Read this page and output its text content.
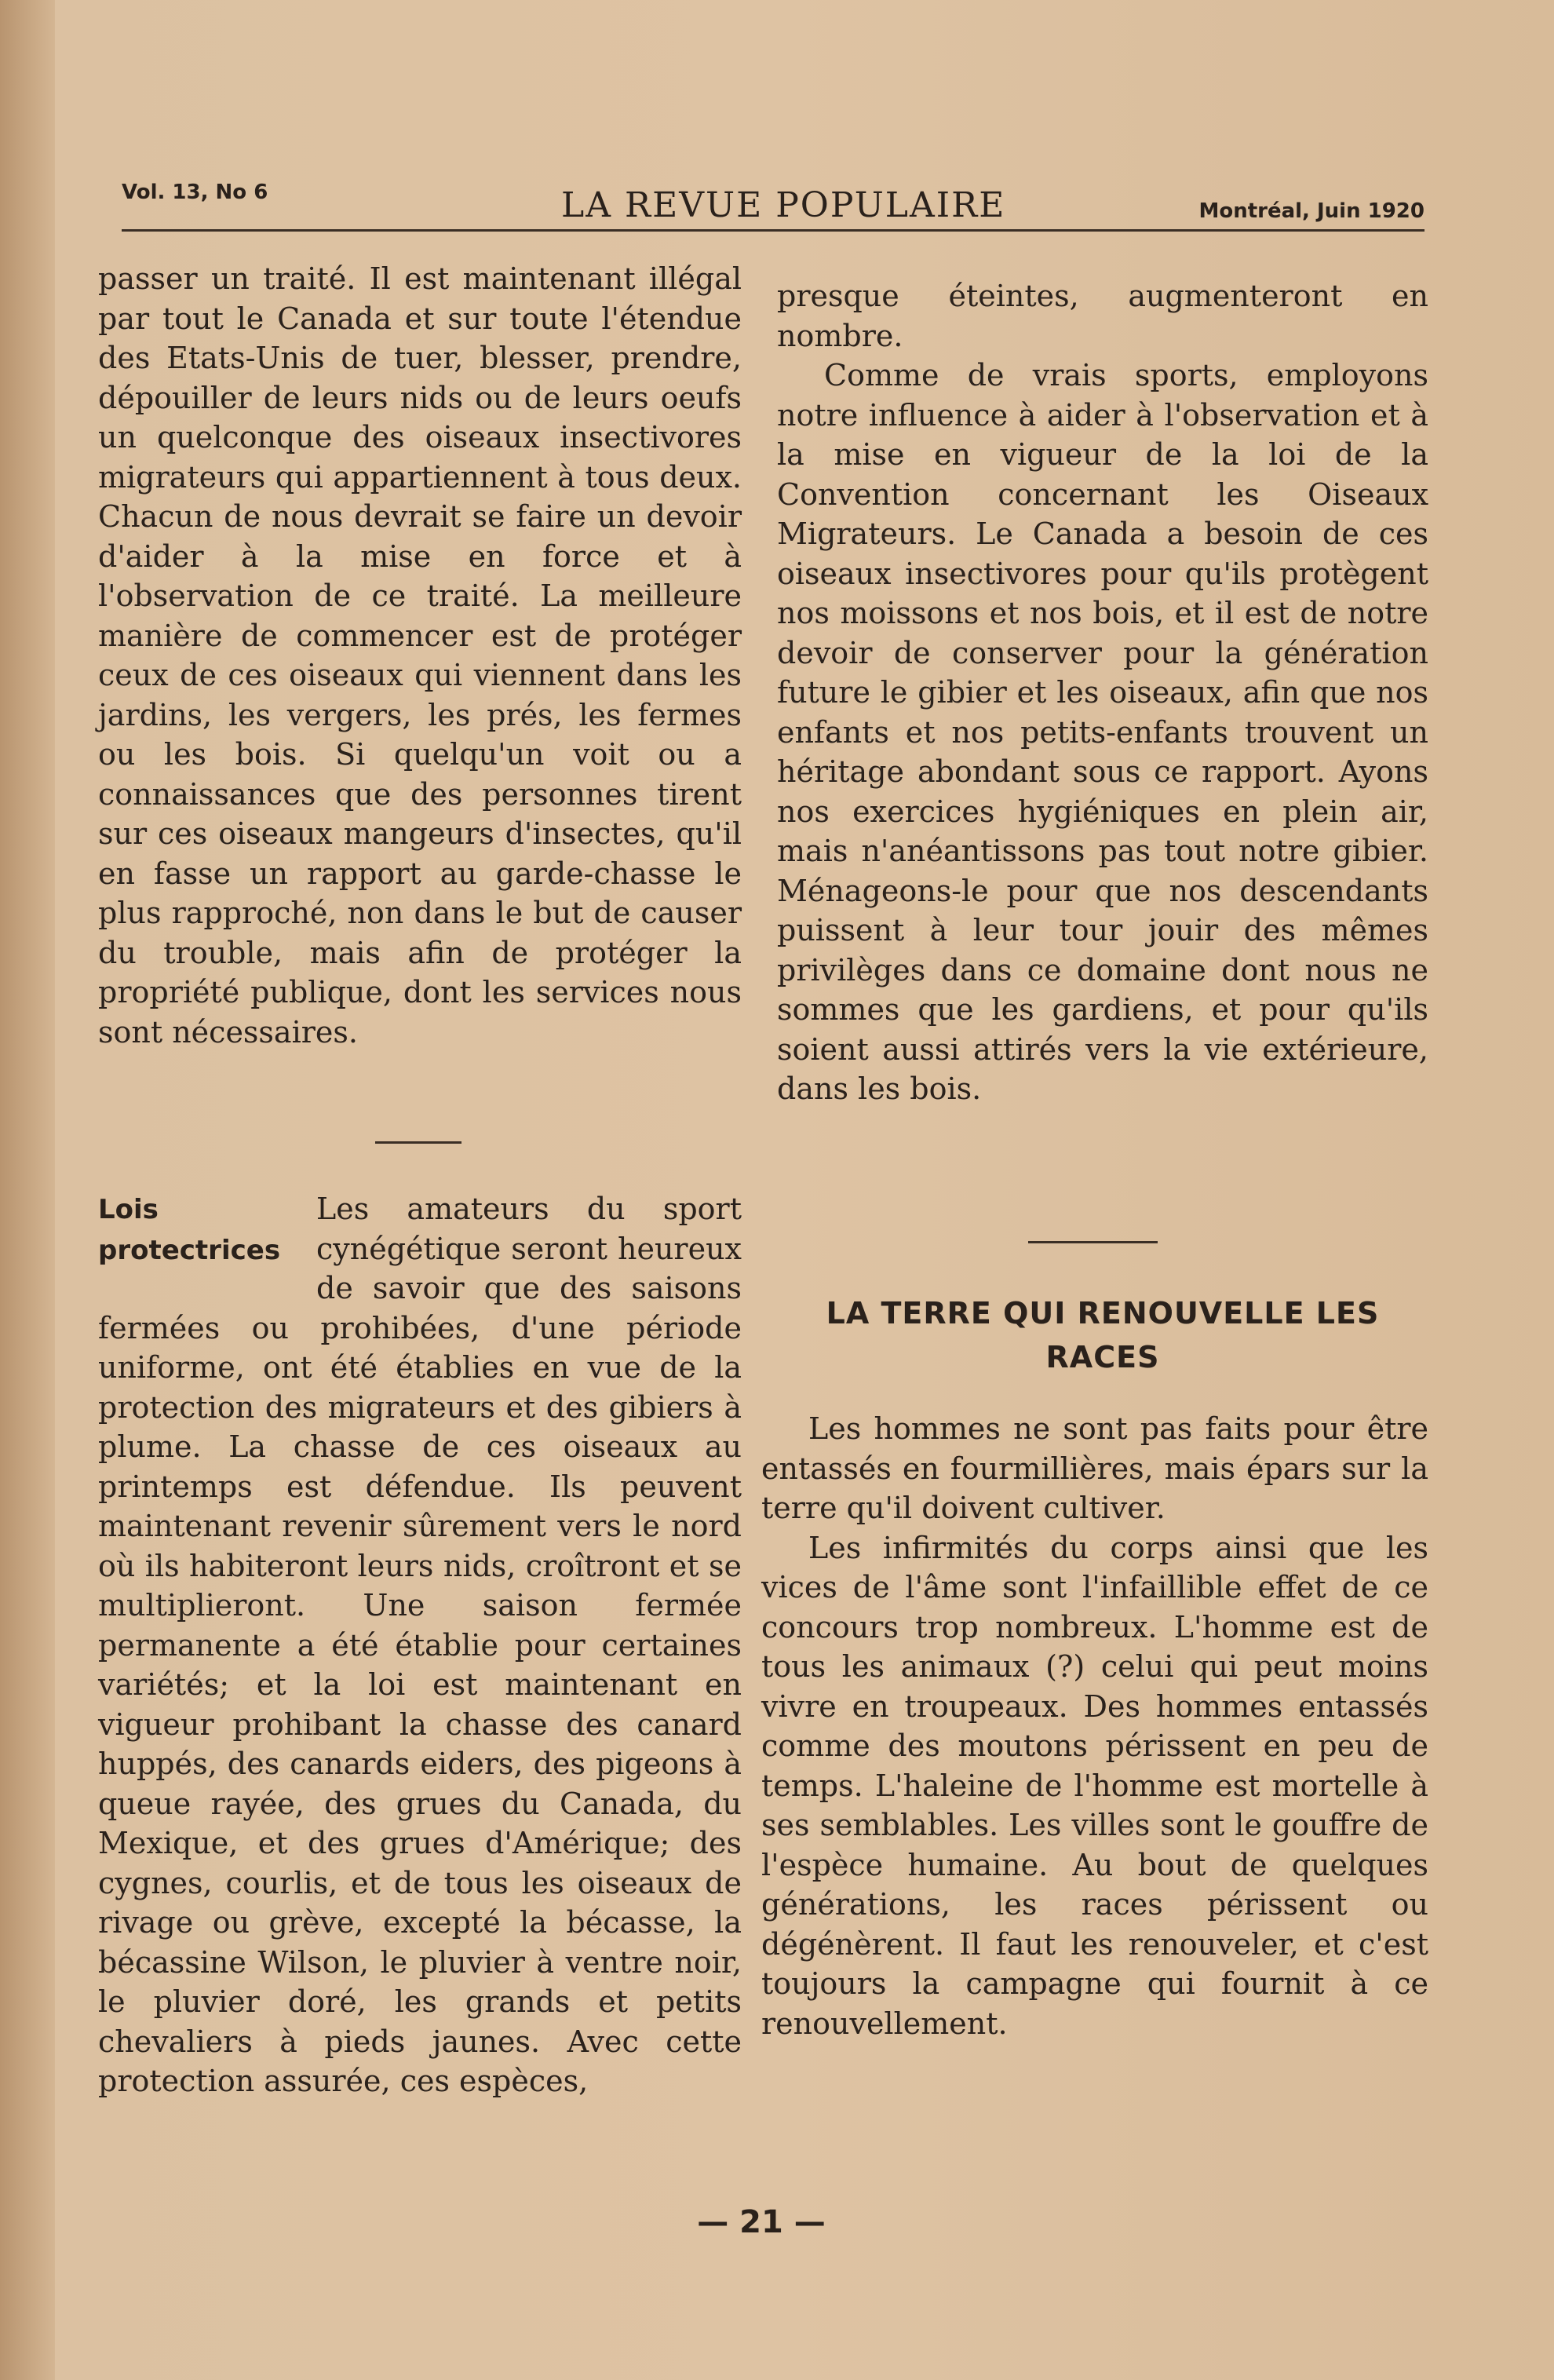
Vol. 13, No 6	LA REVUE POPULAIRE	Montréal, Juin 1920

passer un traité. Il est maintenant illégal par tout le Canada et sur toute l'étendue des Etats-Unis de tuer, blesser, prendre, dépouiller de leurs nids ou de leurs oeufs un quelconque des oiseaux insectivores migrateurs qui appartiennent à tous deux. Chacun de nous devrait se faire un devoir d'aider à la mise en force et à l'observation de ce traité. La meilleure manière de commencer est de protéger ceux de ces oiseaux qui viennent dans les jardins, les vergers, les prés, les fermes ou les bois. Si quelqu'un voit ou a connaissances que des personnes tirent sur ces oiseaux mangeurs d'insectes, qu'il en fasse un rapport au garde-chasse le plus rapproché, non dans le but de causer du trouble, mais afin de protéger la propriété publique, dont les services nous sont nécessaires.

Lois
protectrices

Les amateurs du sport cynégétique seront heureux de savoir que des saisons fermées ou prohibées, d'une période uniforme, ont été établies en vue de la protection des migrateurs et des gibiers à plume. La chasse de ces oiseaux au printemps est défendue. Ils peuvent maintenant revenir sûrement vers le nord où ils habiteront leurs nids, croîtront et se multiplieront. Une saison fermée permanente a été établie pour certaines variétés; et la loi est maintenant en vigueur prohibant la chasse des canard huppés, des canards eiders, des pigeons à queue rayée, des grues du Canada, du Mexique, et des grues d'Amérique; des cygnes, courlis, et de tous les oiseaux de rivage ou grève, excepté la bécasse, la bécassine Wilson, le pluvier à ventre noir, le pluvier doré, les grands et petits chevaliers à pieds jaunes. Avec cette protection assurée, ces espèces,

presque éteintes, augmenteront en nombre.

Comme de vrais sports, employons notre influence à aider à l'observation et à la mise en vigueur de la loi de la Convention concernant les Oiseaux Migrateurs. Le Canada a besoin de ces oiseaux insectivores pour qu'ils protègent nos moissons et nos bois, et il est de notre devoir de conserver pour la génération future le gibier et les oiseaux, afin que nos enfants et nos petits-enfants trouvent un héritage abondant sous ce rapport. Ayons nos exercices hygiéniques en plein air, mais n'anéantissons pas tout notre gibier. Ménageons-le pour que nos descendants puissent à leur tour jouir des mêmes privilèges dans ce domaine dont nous ne sommes que les gardiens, et pour qu'ils soient aussi attirés vers la vie extérieure, dans les bois.

LA TERRE QUI RENOUVELLE LES
RACES

Les hommes ne sont pas faits pour être entassés en fourmillières, mais épars sur la terre qu'il doivent cultiver.

Les infirmités du corps ainsi que les vices de l'âme sont l'infaillible effet de ce concours trop nombreux. L'homme est de tous les animaux (?) celui qui peut moins vivre en troupeaux. Des hommes entassés comme des moutons périssent en peu de temps. L'haleine de l'homme est mortelle à ses semblables. Les villes sont le gouffre de l'espèce humaine. Au bout de quelques générations, les races périssent ou dégénèrent. Il faut les renouveler, et c'est toujours la campagne qui fournit à ce renouvellement.

— 21 —
